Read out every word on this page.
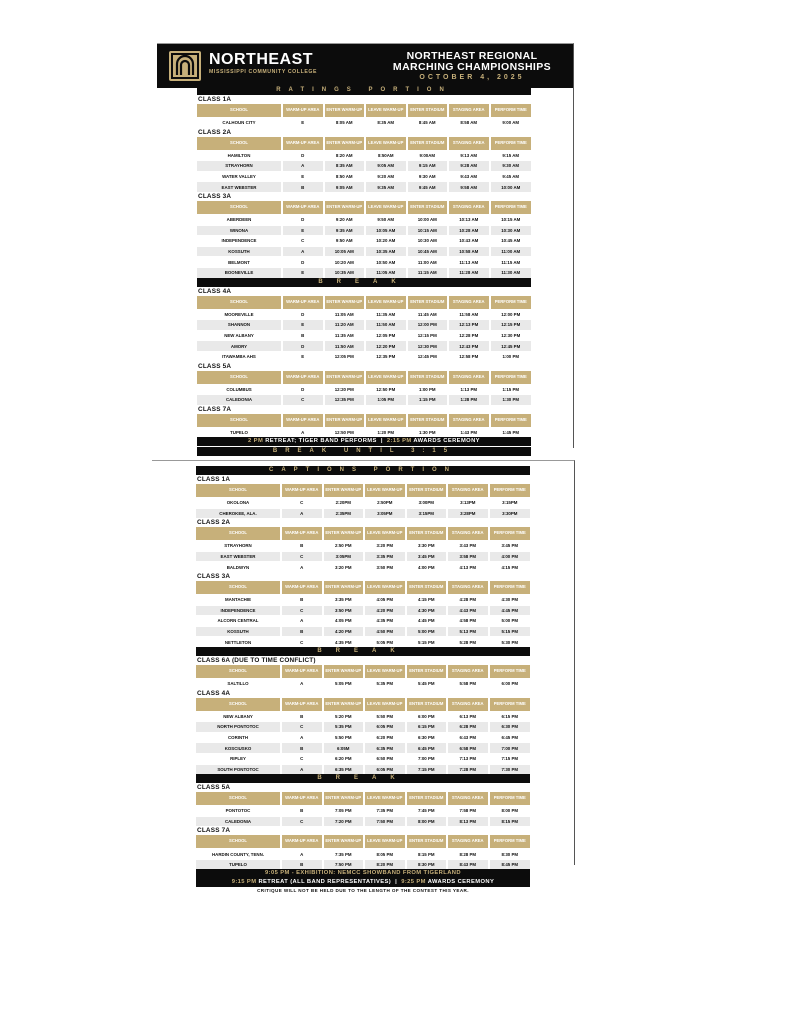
NORTHEAST
MISSISSIPPI COMMUNITY COLLEGE
NORTHEAST REGIONAL
MARCHING CHAMPIONSHIPS
OCTOBER 4, 2025
RATINGS PORTION
CLASS 1A
SCHOOL	WARM-UP AREA	ENTER WARM-UP	LEAVE WARM-UP	ENTER STADIUM	STAGING AREA	PERFORM TIME
CALHOUN CITY	E	8:05 AM	8:35 AM	8:45 AM	8:58 AM	9:00 AM
CLASS 2A
SCHOOL	WARM-UP AREA	ENTER WARM-UP	LEAVE WARM-UP	ENTER STADIUM	STAGING AREA	PERFORM TIME
HAMILTON	D	8:20 AM	8:50AM	9:00AM	9:13 AM	9:15 AM
STRAYHORN	A	8:35 AM	9:05 AM	9:15 AM	9:28 AM	9:30 AM
WATER VALLEY	E	8:50 AM	9:20 AM	9:30 AM	9:43 AM	9:45 AM
EAST WEBSTER	B	9:05 AM	9:35 AM	9:45 AM	9:58 AM	10:00 AM
CLASS 3A
SCHOOL	WARM-UP AREA	ENTER WARM-UP	LEAVE WARM-UP	ENTER STADIUM	STAGING AREA	PERFORM TIME
ABERDEEN	D	9:20 AM	9:50 AM	10:00 AM	10:13 AM	10:15 AM
WINONA	E	9:35 AM	10:05 AM	10:15 AM	10:28 AM	10:30 AM
INDEPENDENCE	C	9:50 AM	10:20 AM	10:30 AM	10:43 AM	10:45 AM
KOSSUTH	A	10:05 AM	10:35 AM	10:45 AM	10:58 AM	11:00 AM
BELMONT	D	10:20 AM	10:50 AM	11:00 AM	11:13 AM	11:15 AM
BOONEVILLE	E	10:35 AM	11:05 AM	11:15 AM	11:28 AM	11:30 AM
BREAK
CLASS 4A
SCHOOL	WARM-UP AREA	ENTER WARM-UP	LEAVE WARM-UP	ENTER STADIUM	STAGING AREA	PERFORM TIME
MOOREVILLE	D	11:05 AM	11:35 AM	11:45 AM	11:58 AM	12:00 PM
SHANNON	E	11:20 AM	11:50 AM	12:00 PM	12:13 PM	12:15 PM
NEW ALBANY	B	11:35 AM	12:05 PM	12:15 PM	12:28 PM	12:30 PM
AMORY	D	11:50 AM	12:20 PM	12:30 PM	12:43 PM	12:45 PM
ITAWAMBA AHS	E	12:05 PM	12:35 PM	12:45 PM	12:58 PM	1:00 PM
CLASS 5A
SCHOOL	WARM-UP AREA	ENTER WARM-UP	LEAVE WARM-UP	ENTER STADIUM	STAGING AREA	PERFORM TIME
COLUMBUS	D	12:20 PM	12:50 PM	1:00 PM	1:13 PM	1:15 PM
CALEDONIA	C	12:35 PM	1:05 PM	1:15 PM	1:28 PM	1:30 PM
CLASS 7A
SCHOOL	WARM-UP AREA	ENTER WARM-UP	LEAVE WARM-UP	ENTER STADIUM	STAGING AREA	PERFORM TIME
TUPELO	A	12:50 PM	1:20 PM	1:30 PM	1:43 PM	1:45 PM
2 PM RETREAT; TIGER BAND PERFORMS | 2:15 PM AWARDS CEREMONY
BREAK UNTIL 3:15
CAPTIONS PORTION
CLASS 1A
SCHOOL	WARM-UP AREA	ENTER WARM-UP	LEAVE WARM-UP	ENTER STADIUM	STAGING AREA	PERFORM TIME
OKOLONA	C	2:20PM	2:50PM	3:00PM	3:13PM	3:15PM
CHEROKEE, ALA.	A	2:35PM	3:05PM	3:15PM	3:28PM	3:30PM
CLASS 2A
SCHOOL	WARM-UP AREA	ENTER WARM-UP	LEAVE WARM-UP	ENTER STADIUM	STAGING AREA	PERFORM TIME
STRAYHORN	B	2:50 PM	3:20 PM	3:30 PM	3:43 PM	3:45 PM
EAST WEBSTER	C	3:05PM	3:35 PM	3:45 PM	3:58 PM	4:00 PM
BALDWYN	A	3:20 PM	3:50 PM	4:00 PM	4:13 PM	4:15 PM
CLASS 3A
SCHOOL	WARM-UP AREA	ENTER WARM-UP	LEAVE WARM-UP	ENTER STADIUM	STAGING AREA	PERFORM TIME
MANTACHIE	B	3:35 PM	4:05 PM	4:15 PM	4:28 PM	4:30 PM
INDEPENDENCE	C	3:50 PM	4:20 PM	4:30 PM	4:43 PM	4:45 PM
ALCORN CENTRAL	A	4:05 PM	4:35 PM	4:45 PM	4:58 PM	5:00 PM
KOSSUTH	B	4:20 PM	4:50 PM	5:00 PM	5:13 PM	5:15 PM
NETTLETON	C	4:35 PM	5:05 PM	5:15 PM	5:28 PM	5:30 PM
BREAK
CLASS 6A (DUE TO TIME CONFLICT)
SCHOOL	WARM-UP AREA	ENTER WARM-UP	LEAVE WARM-UP	ENTER STADIUM	STAGING AREA	PERFORM TIME
SALTILLO	A	5:05 PM	5:35 PM	5:45 PM	5:58 PM	6:00 PM
CLASS 4A
SCHOOL	WARM-UP AREA	ENTER WARM-UP	LEAVE WARM-UP	ENTER STADIUM	STAGING AREA	PERFORM TIME
NEW ALBANY	B	5:20 PM	5:50 PM	6:00 PM	6:13 PM	6:15 PM
NORTH PONTOTOC	C	5:35 PM	6:05 PM	6:15 PM	6:28 PM	6:30 PM
CORINTH	A	5:50 PM	6:20 PM	6:30 PM	6:43 PM	6:45 PM
KOSCIUSKO	B	6:05M	6:35 PM	6:45 PM	6:58 PM	7:00 PM
RIPLEY	C	6:20 PM	6:50 PM	7:00 PM	7:13 PM	7:15 PM
SOUTH PONTOTOC	A	6:35 PM	6:05 PM	7:15 PM	7:28 PM	7:30 PM
BREAK
CLASS 5A
SCHOOL	WARM-UP AREA	ENTER WARM-UP	LEAVE WARM-UP	ENTER STADIUM	STAGING AREA	PERFORM TIME
PONTOTOC	B	7:05 PM	7:35 PM	7:45 PM	7:58 PM	8:00 PM
CALEDONIA	C	7:20 PM	7:50 PM	8:00 PM	8:13 PM	8:15 PM
CLASS 7A
SCHOOL	WARM-UP AREA	ENTER WARM-UP	LEAVE WARM-UP	ENTER STADIUM	STAGING AREA	PERFORM TIME
HARDIN COUNTY, TENN.	A	7:35 PM	8:05 PM	8:15 PM	8:28 PM	8:30 PM
TUPELO	B	7:50 PM	8:20 PM	8:30 PM	8:43 PM	8:45 PM
9:05 PM - EXHIBITION: NEMCC SHOWBAND FROM TIGERLAND
9:15 PM RETREAT (ALL BAND REPRESENTATIVES) | 9:25 PM AWARDS CEREMONY
CRITIQUE WILL NOT BE HELD DUE TO THE LENGTH OF THE CONTEST THIS YEAR.
